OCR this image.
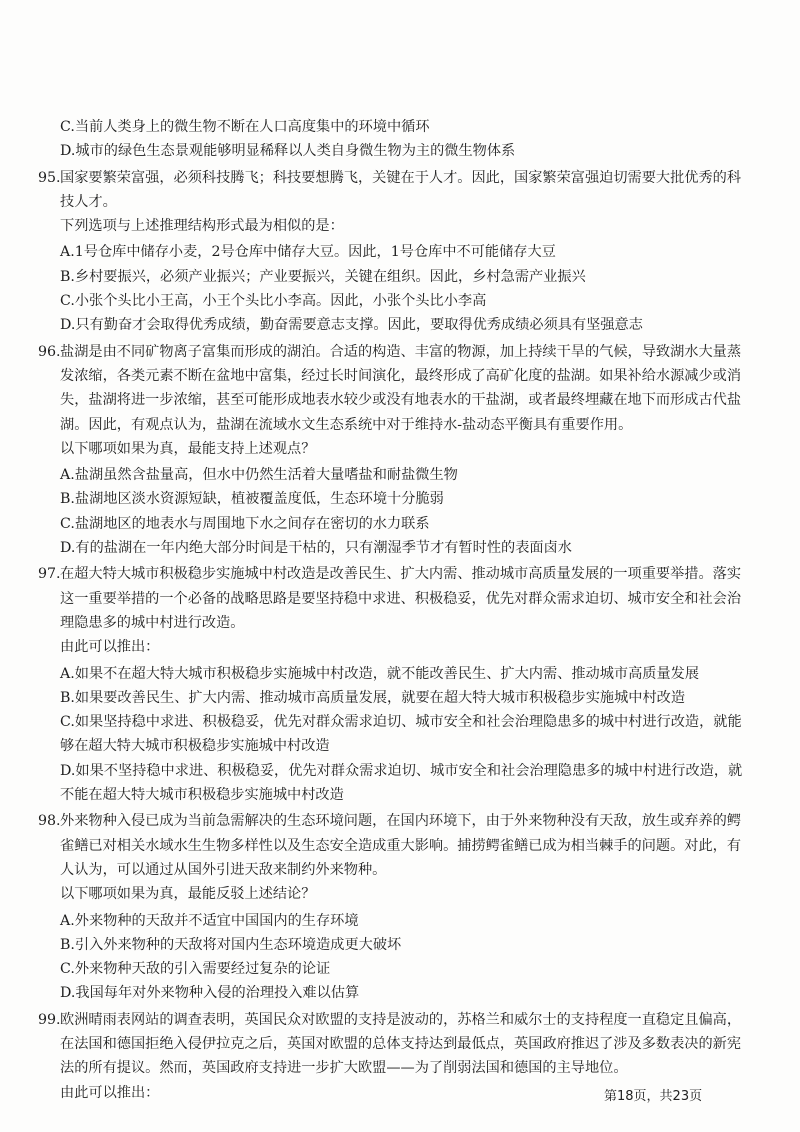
C.当前人类身上的微生物不断在人口高度集中的环境中循环
D.城市的绿色生态景观能够明显稀释以人类自身微生物为主的微生物体系
95.国家要繁荣富强，必须科技腾飞；科技要想腾飞，关键在于人才。因此，国家繁荣富强迫切需要大批优秀的科
技人才。
下列选项与上述推理结构形式最为相似的是：
A.1号仓库中储存小麦，2号仓库中储存大豆。因此，1号仓库中不可能储存大豆
B.乡村要振兴，必须产业振兴；产业要振兴，关键在组织。因此，乡村急需产业振兴
C.小张个头比小王高，小王个头比小李高。因此，小张个头比小李高
D.只有勤奋才会取得优秀成绩，勤奋需要意志支撑。因此，要取得优秀成绩必须具有坚强意志
96.盐湖是由不同矿物离子富集而形成的湖泊。合适的构造、丰富的物源，加上持续干旱的气候，导致湖水大量蒸
发浓缩，各类元素不断在盆地中富集，经过长时间演化，最终形成了高矿化度的盐湖。如果补给水源减少或消
失，盐湖将进一步浓缩，甚至可能形成地表水较少或没有地表水的干盐湖，或者最终埋藏在地下而形成古代盐
湖。因此，有观点认为，盐湖在流域水文生态系统中对于维持水-盐动态平衡具有重要作用。
以下哪项如果为真，最能支持上述观点？
A.盐湖虽然含盐量高，但水中仍然生活着大量嗜盐和耐盐微生物
B.盐湖地区淡水资源短缺，植被覆盖度低，生态环境十分脆弱
C.盐湖地区的地表水与周围地下水之间存在密切的水力联系
D.有的盐湖在一年内绝大部分时间是干枯的，只有潮湿季节才有暂时性的表面卤水
97.在超大特大城市积极稳步实施城中村改造是改善民生、扩大内需、推动城市高质量发展的一项重要举措。落实
这一重要举措的一个必备的战略思路是要坚持稳中求进、积极稳妥，优先对群众需求迫切、城市安全和社会治
理隐患多的城中村进行改造。
由此可以推出：
A.如果不在超大特大城市积极稳步实施城中村改造，就不能改善民生、扩大内需、推动城市高质量发展
B.如果要改善民生、扩大内需、推动城市高质量发展，就要在超大特大城市积极稳步实施城中村改造
C.如果坚持稳中求进、积极稳妥，优先对群众需求迫切、城市安全和社会治理隐患多的城中村进行改造，就能
够在超大特大城市积极稳步实施城中村改造
D.如果不坚持稳中求进、积极稳妥，优先对群众需求迫切、城市安全和社会治理隐患多的城中村进行改造，就
不能在超大特大城市积极稳步实施城中村改造
98.外来物种入侵已成为当前急需解决的生态环境问题，在国内环境下，由于外来物种没有天敌，放生或弃养的鳄
雀鳝已对相关水域水生生物多样性以及生态安全造成重大影响。捕捞鳄雀鳝已成为相当棘手的问题。对此，有
人认为，可以通过从国外引进天敌来制约外来物种。
以下哪项如果为真，最能反驳上述结论？
A.外来物种的天敌并不适宜中国国内的生存环境
B.引入外来物种的天敌将对国内生态环境造成更大破坏
C.外来物种天敌的引入需要经过复杂的论证
D.我国每年对外来物种入侵的治理投入难以估算
99.欧洲晴雨表网站的调查表明，英国民众对欧盟的支持是波动的，苏格兰和威尔士的支持程度一直稳定且偏高，
在法国和德国拒绝入侵伊拉克之后，英国对欧盟的总体支持达到最低点，英国政府推迟了涉及多数表决的新宪
法的所有提议。然而，英国政府支持进一步扩大欧盟——为了削弱法国和德国的主导地位。
由此可以推出：	第18页，共23页
